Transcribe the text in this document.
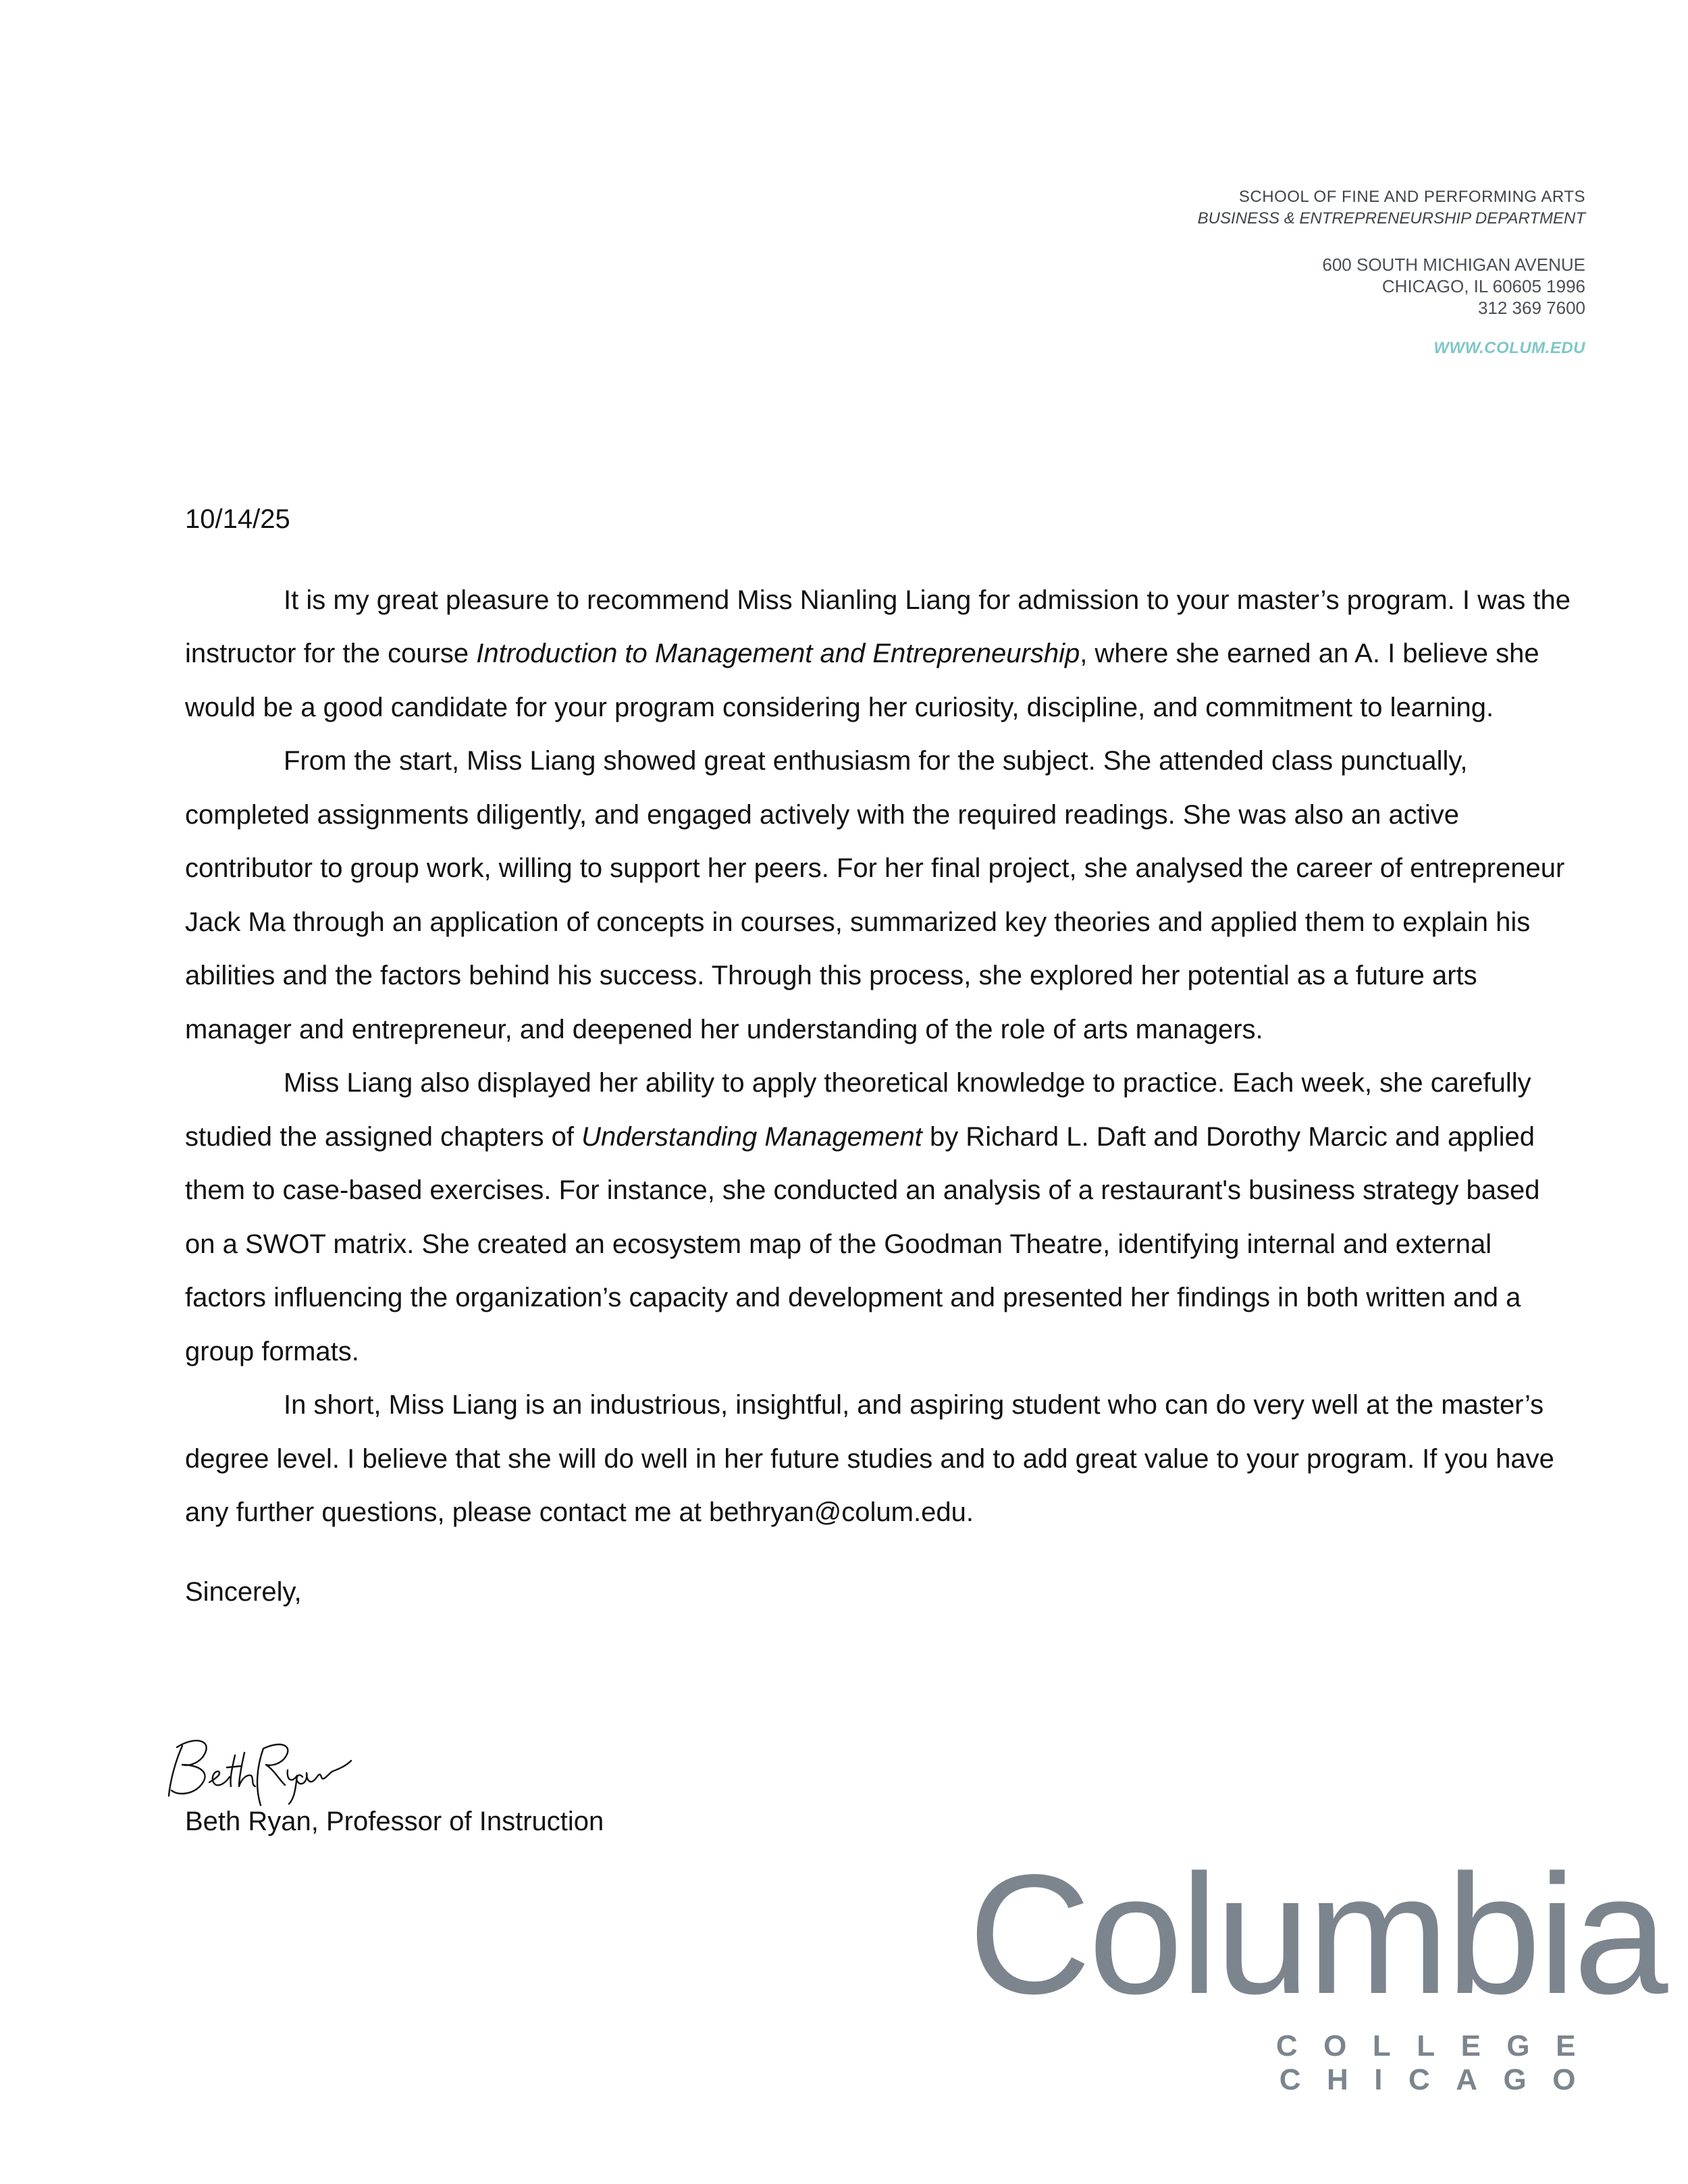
SCHOOL OF FINE AND PERFORMING ARTS
BUSINESS & ENTREPRENEURSHIP DEPARTMENT
600 SOUTH MICHIGAN AVENUE
CHICAGO, IL 60605 1996
312 369 7600
WWW.COLUM.EDU
10/14/25

It is my great pleasure to recommend Miss Nianling Liang for admission to your master’s program. I was the instructor for the course Introduction to Management and Entrepreneurship, where she earned an A. I believe she would be a good candidate for your program considering her curiosity, discipline, and commitment to learning.

From the start, Miss Liang showed great enthusiasm for the subject. She attended class punctually, completed assignments diligently, and engaged actively with the required readings. She was also an active contributor to group work, willing to support her peers. For her final project, she analysed the career of entrepreneur Jack Ma through an application of concepts in courses, summarized key theories and applied them to explain his abilities and the factors behind his success. Through this process, she explored her potential as a future arts manager and entrepreneur, and deepened her understanding of the role of arts managers.

Miss Liang also displayed her ability to apply theoretical knowledge to practice. Each week, she carefully studied the assigned chapters of Understanding Management by Richard L. Daft and Dorothy Marcic and applied them to case-based exercises. For instance, she conducted an analysis of a restaurant's business strategy based on a SWOT matrix. She created an ecosystem map of the Goodman Theatre, identifying internal and external factors influencing the organization’s capacity and development and presented her findings in both written and a group formats.

In short, Miss Liang is an industrious, insightful, and aspiring student who can do very well at the master’s degree level. I believe that she will do well in her future studies and to add great value to your program. If you have any further questions, please contact me at bethryan@colum.edu.

Sincerely,
Beth Ryan, Professor of Instruction
Columbia
COLLEGE CHICAGO
